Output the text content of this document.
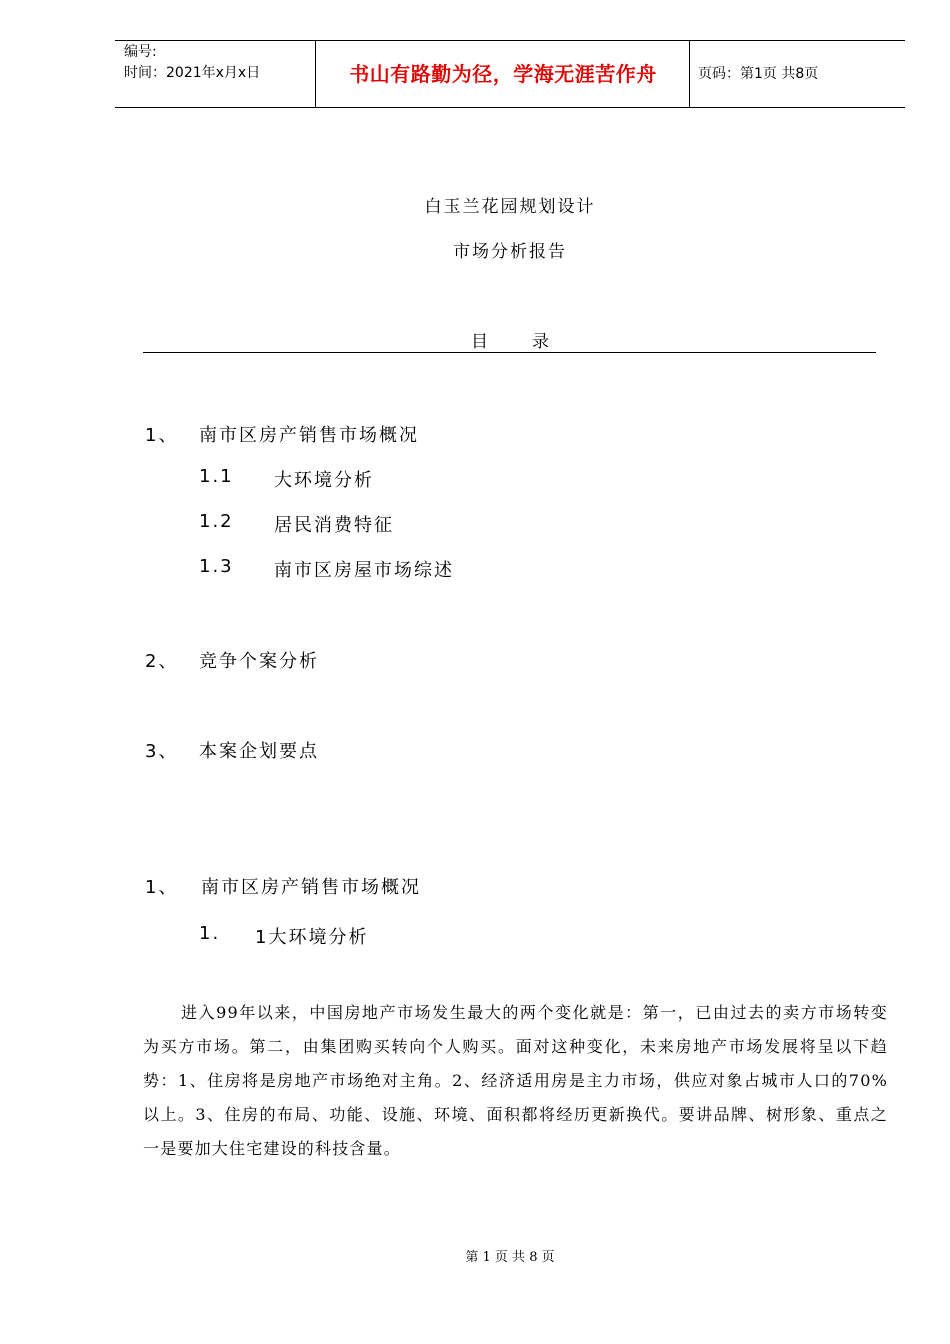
编号:
时间：2021年x月x日	书山有路勤为径，学海无涯苦作舟	页码：第1页 共8页
白玉兰花园规划设计
市场分析报告
目	录
1、 南市区房产销售市场概况
1.1 大环境分析
1.2 居民消费特征
1.3 南市区房屋市场综述
2、 竞争个案分析
3、 本案企划要点
1、 南市区房产销售市场概况
1. 1大环境分析
进入99年以来，中国房地产市场发生最大的两个变化就是：第一，已由过去的卖方市场转变为买方市场。第二，由集团购买转向个人购买。面对这种变化，未来房地产市场发展将呈以下趋势：1、住房将是房地产市场绝对主角。2、经济适用房是主力市场，供应对象占城市人口的70%以上。3、住房的布局、功能、设施、环境、面积都将经历更新换代。要讲品牌、树形象、重点之一是要加大住宅建设的科技含量。
第 1 页 共 8 页
